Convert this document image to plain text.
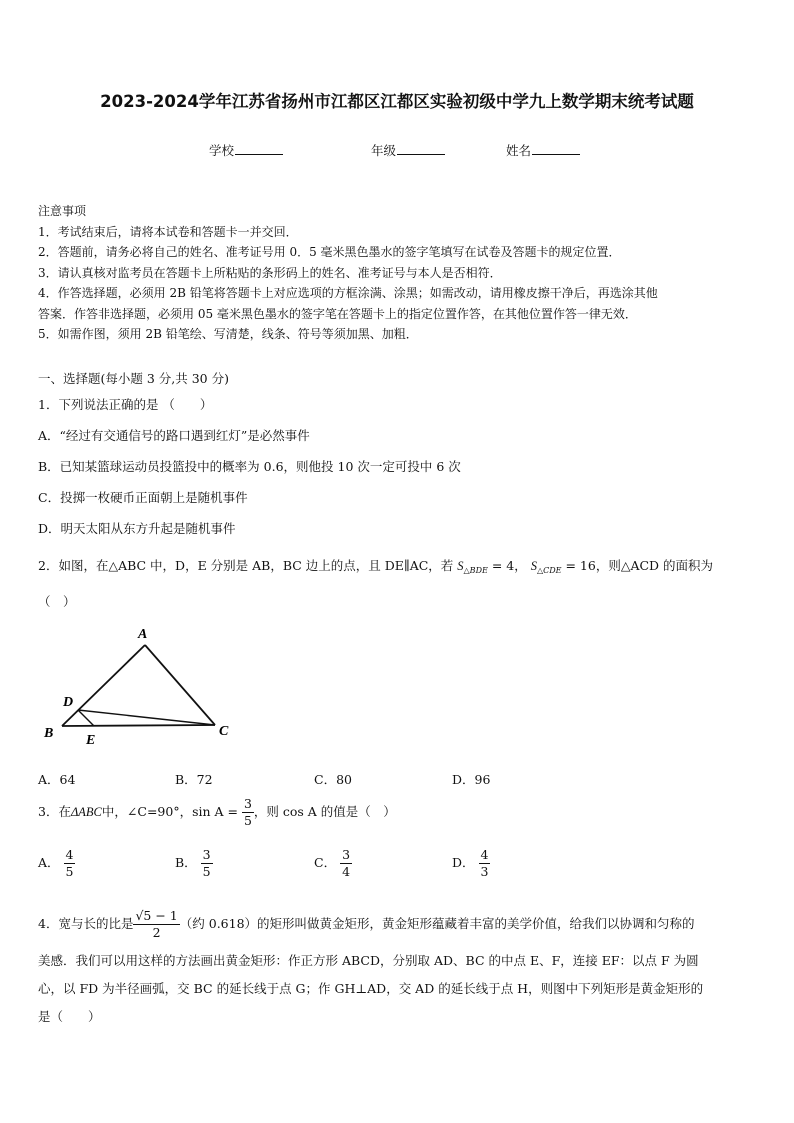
2023-2024学年江苏省扬州市江都区江都区实验初级中学九上数学期末统考试题
学校	年级	姓名
注意事项
1．考试结束后，请将本试卷和答题卡一并交回．
2．答题前，请务必将自己的姓名、准考证号用 0．5 毫米黑色墨水的签字笔填写在试卷及答题卡的规定位置．
3．请认真核对监考员在答题卡上所粘贴的条形码上的姓名、准考证号与本人是否相符．
4．作答选择题，必须用 2B 铅笔将答题卡上对应选项的方框涂满、涂黑；如需改动，请用橡皮擦干净后，再选涂其他
答案．作答非选择题，必须用 05 毫米黑色墨水的签字笔在答题卡上的指定位置作答，在其他位置作答一律无效．
5．如需作图，须用 2B 铅笔绘、写清楚，线条、符号等须加黑、加粗．
一、选择题(每小题 3 分,共 30 分)
1．下列说法正确的是 （　　）
A．“经过有交通信号的路口遇到红灯”是必然事件
B．已知某篮球运动员投篮投中的概率为 0.6，则他投 10 次一定可投中 6 次
C．投掷一枚硬币正面朝上是随机事件
D．明天太阳从东方升起是随机事件
2．如图，在△ABC 中，D，E 分别是 AB，BC 边上的点，且 DE∥AC，若 $S_{\triangle BDE} = 4$， $S_{\triangle CDE} = 16$，则△ACD 的面积为
（　）
A
D
B E
C
A．64	B．72	C．80	D．96
3．在ΔABC中，∠C=90°，$\sin A = \frac{3}{5}$ ，则 cos A 的值是（　）
A． $\frac{4}{5}$	B． $\frac{3}{5}$	C． $\frac{3}{4}$	D． $\frac{4}{3}$
4．宽与长的比是 $\frac{√5 - 1}{2}$ （约 0.618）的矩形叫做黄金矩形，黄金矩形蕴藏着丰富的美学价值，给我们以协调和匀称的
美感．我们可以用这样的方法画出黄金矩形：作正方形 ABCD，分别取 AD、BC 的中点 E、F，连接 EF：以点 F 为圆
心，以 FD 为半径画弧，交 BC 的延长线于点 G；作 GH⊥AD，交 AD 的延长线于点 H，则图中下列矩形是黄金矩形的
是（　　）
